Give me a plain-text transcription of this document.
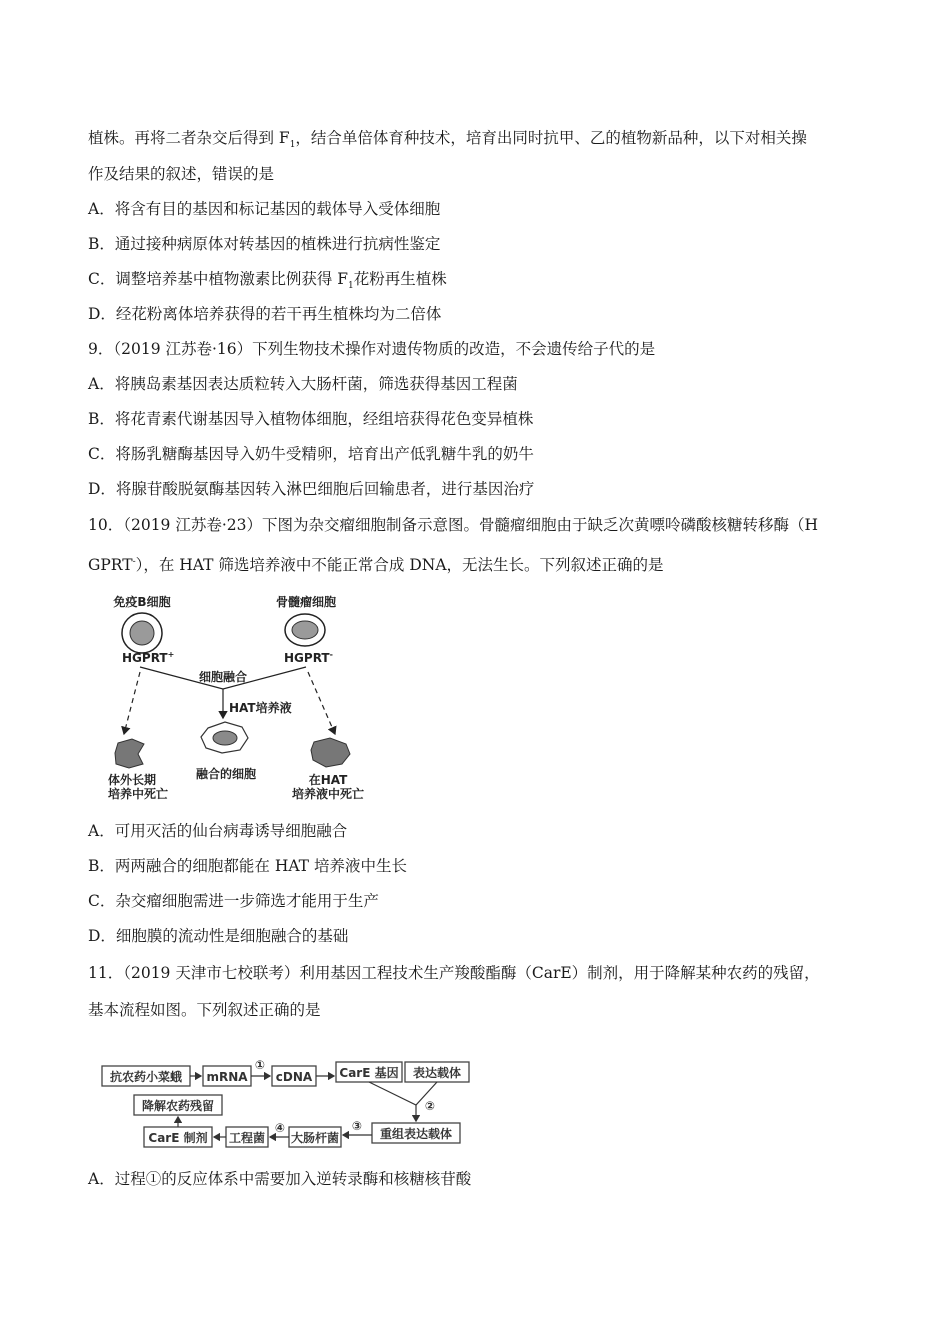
植株。再将二者杂交后得到 $F_1$，结合单倍体育种技术，培育出同时抗甲、乙的植物新品种，以下对相关操
作及结果的叙述，错误的是
A．将含有目的基因和标记基因的载体导入受体细胞
B．通过接种病原体对转基因的植株进行抗病性鉴定
C．调整培养基中植物激素比例获得 $F_1$花粉再生植株
D．经花粉离体培养获得的若干再生植株均为二倍体
9．（2019 江苏卷·16）下列生物技术操作对遗传物质的改造，不会遗传给子代的是
A．将胰岛素基因表达质粒转入大肠杆菌，筛选获得基因工程菌
B．将花青素代谢基因导入植物体细胞，经组培获得花色变异植株
C．将肠乳糖酶基因导入奶牛受精卵，培育出产低乳糖牛乳的奶牛
D．将腺苷酸脱氨酶基因转入淋巴细胞后回输患者，进行基因治疗
10．（2019 江苏卷·23）下图为杂交瘤细胞制备示意图。骨髓瘤细胞由于缺乏次黄嘌呤磷酸核糖转移酶（H
GPRT-），在 HAT 筛选培养液中不能正常合成 DNA，无法生长。下列叙述正确的是
免疫B细胞	骨髓瘤细胞
HGPRT+	HGPRT-
细胞融合
HAT培养液
体外长期
培养中死亡
融合的细胞	在HAT
培养液中死亡
A．可用灭活的仙台病毒诱导细胞融合
B．两两融合的细胞都能在 HAT 培养液中生长
C．杂交瘤细胞需进一步筛选才能用于生产
D．细胞膜的流动性是细胞融合的基础
11．（2019 天津市七校联考）利用基因工程技术生产羧酸酯酶（CarE）制剂，用于降解某种农药的残留，
基本流程如图。下列叙述正确的是
抗农药小菜蛾 mRNA cDNA CarE 基因 表达载体
降解农药残留
CarE 制剂 工程菌 大肠杆菌	重组表达载体
①
②
③
④
A．过程①的反应体系中需要加入逆转录酶和核糖核苷酸
